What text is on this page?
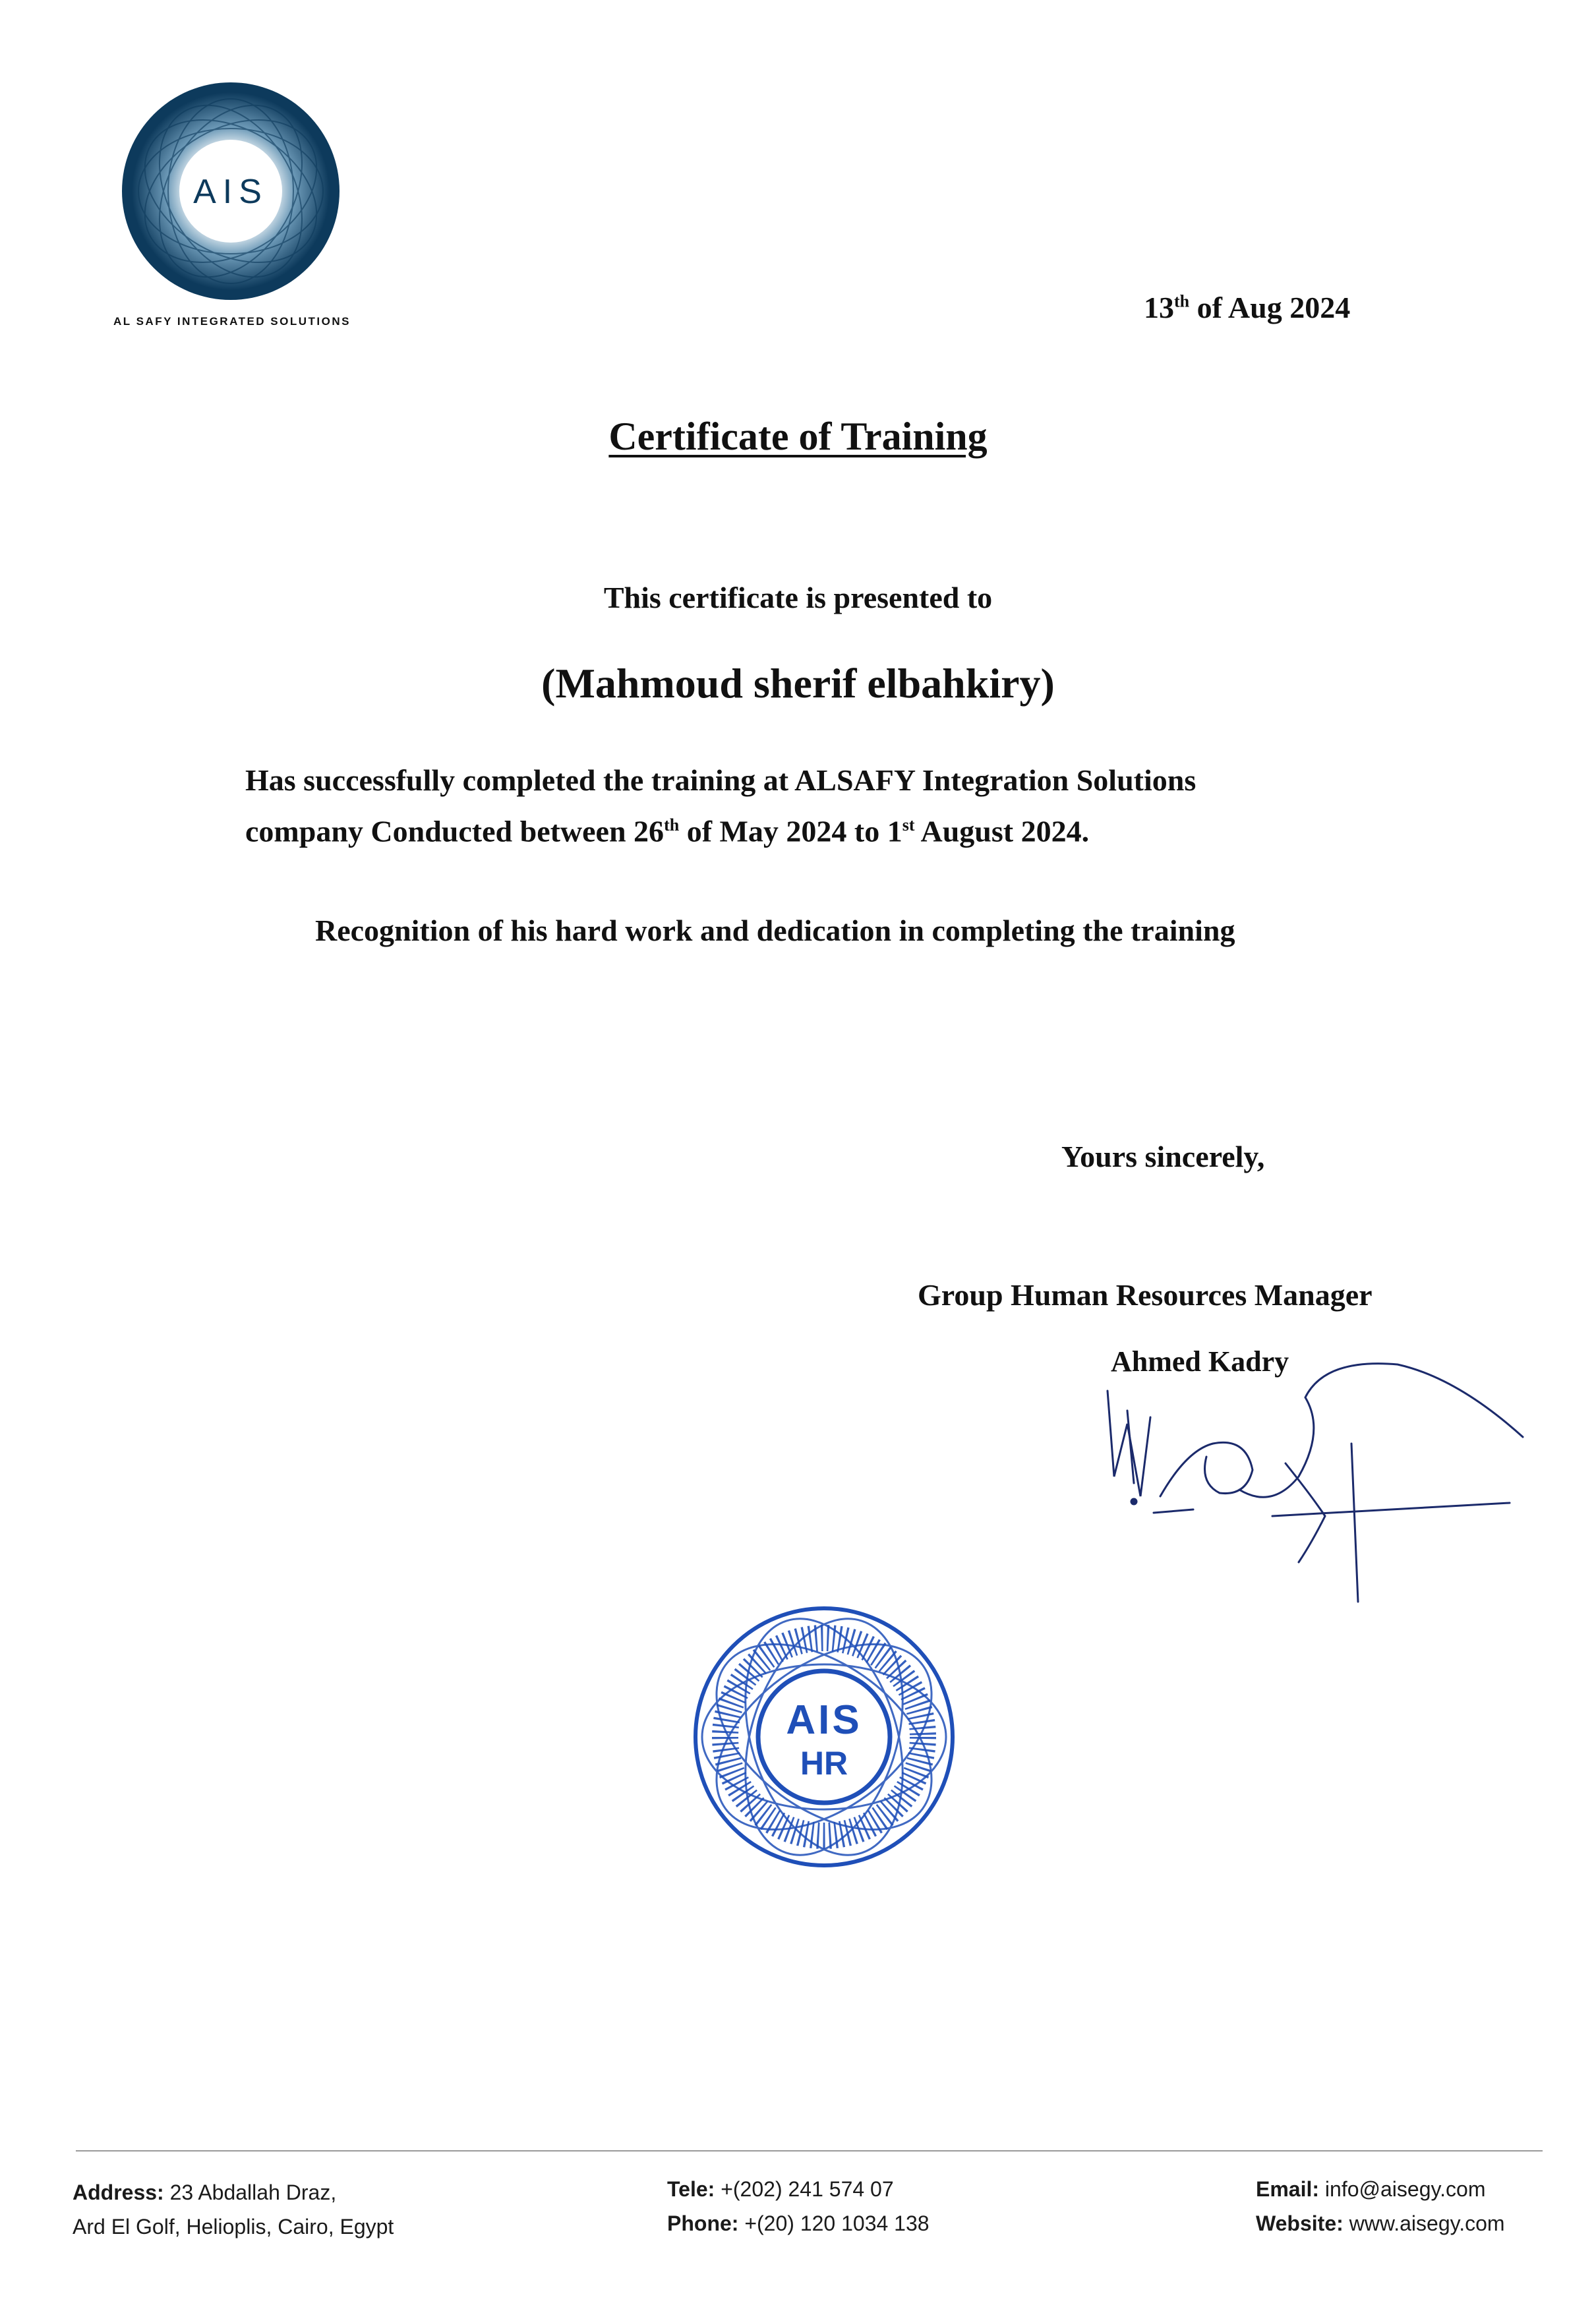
AIS
AL SAFY INTEGRATED SOLUTIONS	13th of Aug 2024
Certificate of Training
This certificate is presented to
(Mahmoud sherif elbahkiry)
Has successfully completed the training at ALSAFY Integration Solutions
company Conducted between 26th of May 2024 to 1st August 2024.
Recognition of his hard work and dedication in completing the training
Yours sincerely,
Group Human Resources Manager
Ahmed Kadry
AIS
HR
Address: 23 Abdallah Draz,
Ard El Golf, Helioplis, Cairo, Egypt
Tele: +(202) 241 574 07
Phone: +(20) 120 1034 138
Email: info@aisegy.com
Website: www.aisegy.com
